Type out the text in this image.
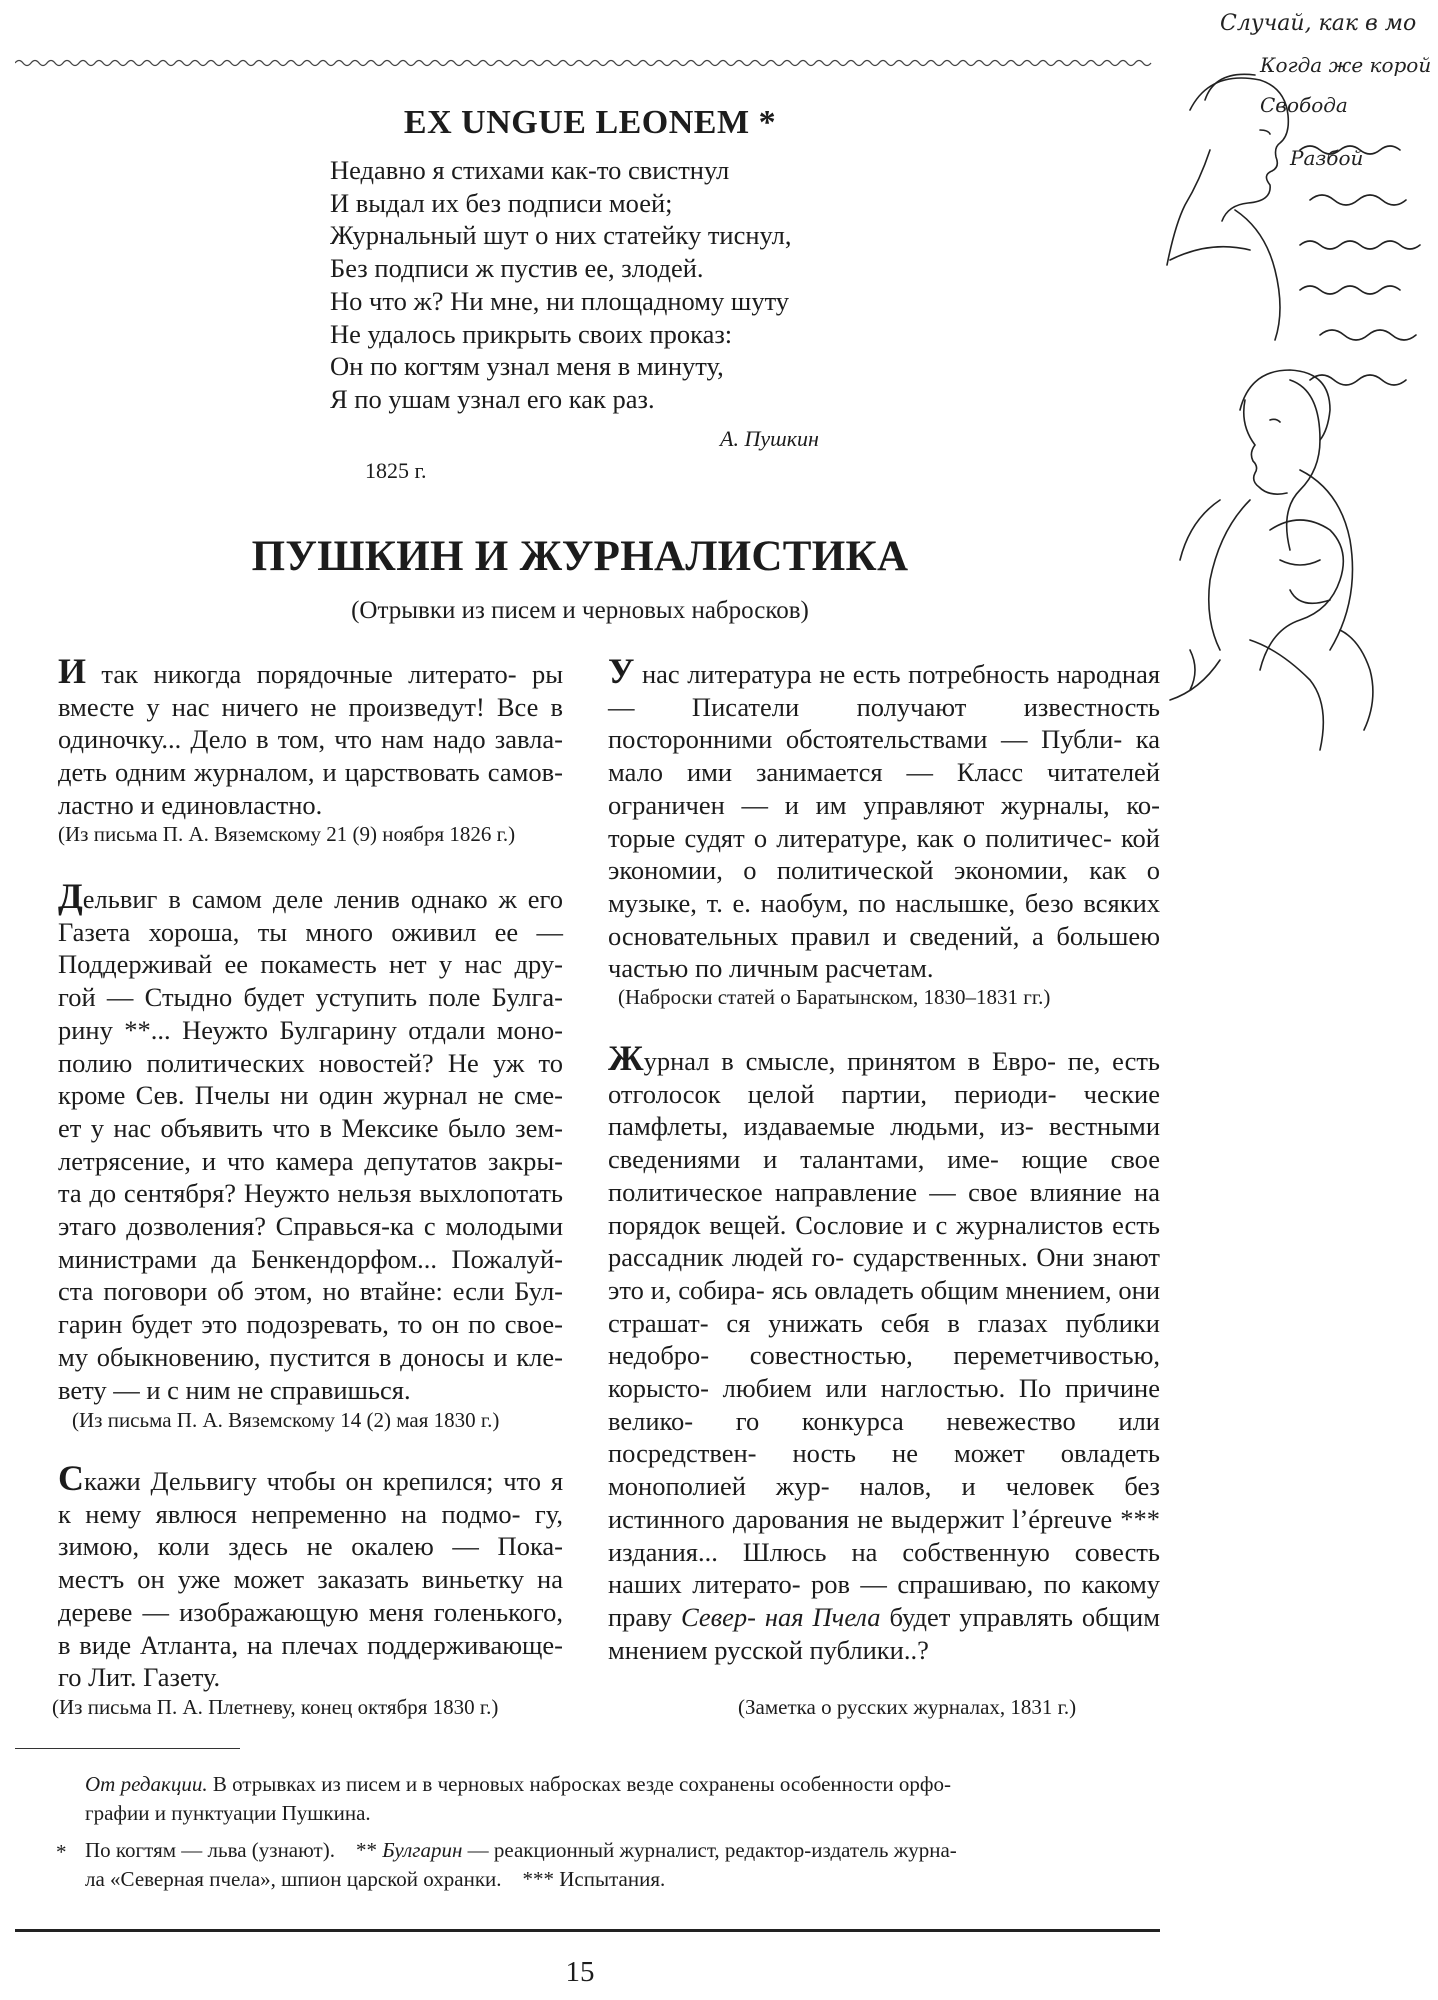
Случай, как в мо
Когда же корой
Свобода
Разбой
EX UNGUE LEONEM *
Недавно я стихами как-то свистнул
И выдал их без подписи моей;
Журнальный шут о них статейку тиснул,
Без подписи ж пустив ее, злодей.
Но что ж? Ни мне, ни площадному шуту
Не удалось прикрыть своих проказ:
Он по когтям узнал меня в минуту,
Я по ушам узнал его как раз.
А. Пушкин
1825 г.
ПУШКИН И ЖУРНАЛИСТИКА
(Отрывки из писем и черновых набросков)

И так никогда порядочные литерато- ры вместе у нас ничего не произведут! Все в одиночку... Дело в том, что нам надо завла- деть одним журналом, и царствовать самов- ластно и единовластно.

(Из письма П. А. Вяземскому 21 (9) ноября 1826 г.)

Дельвиг в самом деле ленив однако ж его Газета хороша, ты много оживил ее — Поддерживай ее покаместь нет у нас дру- гой — Стыдно будет уступить поле Булга- рину **... Неужто Булгарину отдали моно- полию политических новостей? Не уж то кроме Сев. Пчелы ни один журнал не сме- ет у нас объявить что в Мексике было зем- летрясение, и что камера депутатов закры- та до сентября? Неужто нельзя выхлопотать этаго дозволения? Справься-ка с молодыми министрами да Бенкендорфом... Пожалуй- ста поговори об этом, но втайне: если Бул- гарин будет это подозревать, то он по свое- му обыкновению, пустится в доносы и кле- вету — и с ним не справишься.

(Из письма П. А. Вяземскому 14 (2) мая 1830 г.)

Скажи Дельвигу чтобы он крепился; что я к нему явлюся непременно на подмо- гу, зимою, коли здесь не окалею — Пока- местъ он уже может заказать виньетку на дереве — изображающую меня голенького, в виде Атланта, на плечах поддерживающе- го Лит. Газету.

(Из письма П. А. Плетневу, конец октября 1830 г.)

У нас литература не есть потребность народная — Писатели получают известность посторонними обстоятельствами — Публи- ка мало ими занимается — Класс читателей ограничен — и им управляют журналы, ко- торые судят о литературе, как о политичес- кой экономии, о политической экономии, как о музыке, т. е. наобум, по наслышке, безо всяких основательных правил и сведений, а большею частью по личным расчетам.

(Наброски статей о Баратынском, 1830–1831 гг.)

Журнал в смысле, принятом в Евро- пе, есть отголосок целой партии, периоди- ческие памфлеты, издаваемые людьми, из- вестными сведениями и талантами, име- ющие свое политическое направление — свое влияние на порядок вещей. Сословие и с журналистов есть рассадник людей го- сударственных. Они знают это и, собира- ясь овладеть общим мнением, они страшат- ся унижать себя в глазах публики недобро- совестностью, переметчивостью, корысто- любием или наглостью. По причине велико- го конкурса невежество или посредствен- ность не может овладеть монополией жур- налов, и человек без истинного дарования не выдержит l’épreuve *** издания... Шлюсь на собственную совесть наших литерато- ров — спрашиваю, по какому праву Север- ная Пчела будет управлять общим мнением русской публики..?

(Заметка о русских журналах, 1831 г.)

От редакции. В отрывках из писем и в черновых набросках везде сохранены особенности орфо-
графии и пунктуации Пушкина.

* По когтям — льва (узнают). ** Булгарин — реакционный журналист, редактор-издатель журна-
ла «Северная пчела», шпион царской охранки. *** Испытания.

15
